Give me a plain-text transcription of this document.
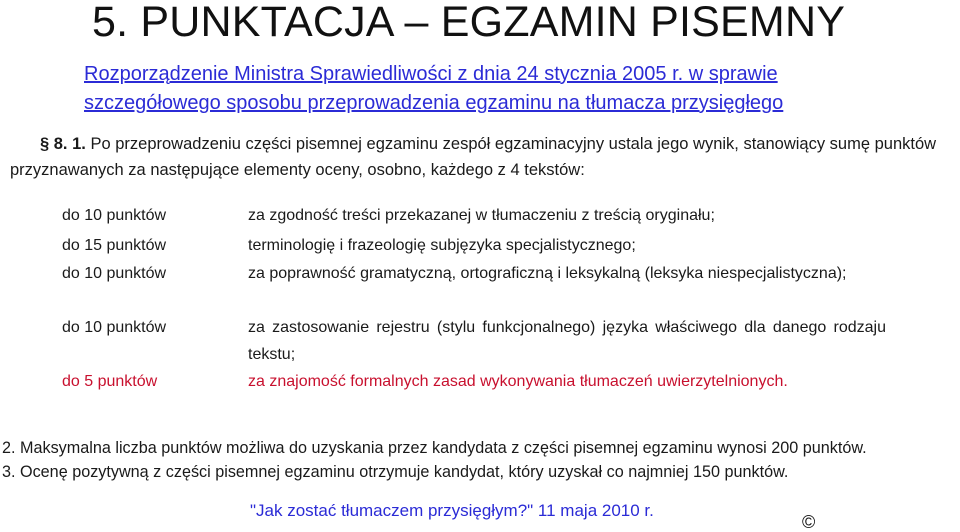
5. PUNKTACJA – EGZAMIN PISEMNY
Rozporządzenie Ministra Sprawiedliwości z dnia 24 stycznia 2005 r. w sprawie szczegółowego sposobu przeprowadzenia egzaminu na tłumacza przysięgłego
§ 8. 1. Po przeprowadzeniu części pisemnej egzaminu zespół egzaminacyjny ustala jego wynik, stanowiący sumę punktów przyznawanych za następujące elementy oceny, osobno, każdego z 4 tekstów:
do 10 punktów	za zgodność treści przekazanej w tłumaczeniu z treścią oryginału;
do 15 punktów	terminologię i frazeologię subjęzyka specjalistycznego;
do 10 punktów	za poprawność gramatyczną, ortograficzną i leksykalną (leksyka niespecjalistyczna);
do 10 punktów	za zastosowanie rejestru (stylu funkcjonalnego) języka właściwego dla danego rodzaju tekstu;
do 5 punktów	za znajomość formalnych zasad wykonywania tłumaczeń uwierzytelnionych.
2. Maksymalna liczba punktów możliwa do uzyskania przez kandydata z części pisemnej egzaminu wynosi 200 punktów.
3. Ocenę pozytywną z części pisemnej egzaminu otrzymuje kandydat, który uzyskał co najmniej 150 punktów.
"Jak zostać tłumaczem przysięgłym?" 11 maja 2010 r.
©
